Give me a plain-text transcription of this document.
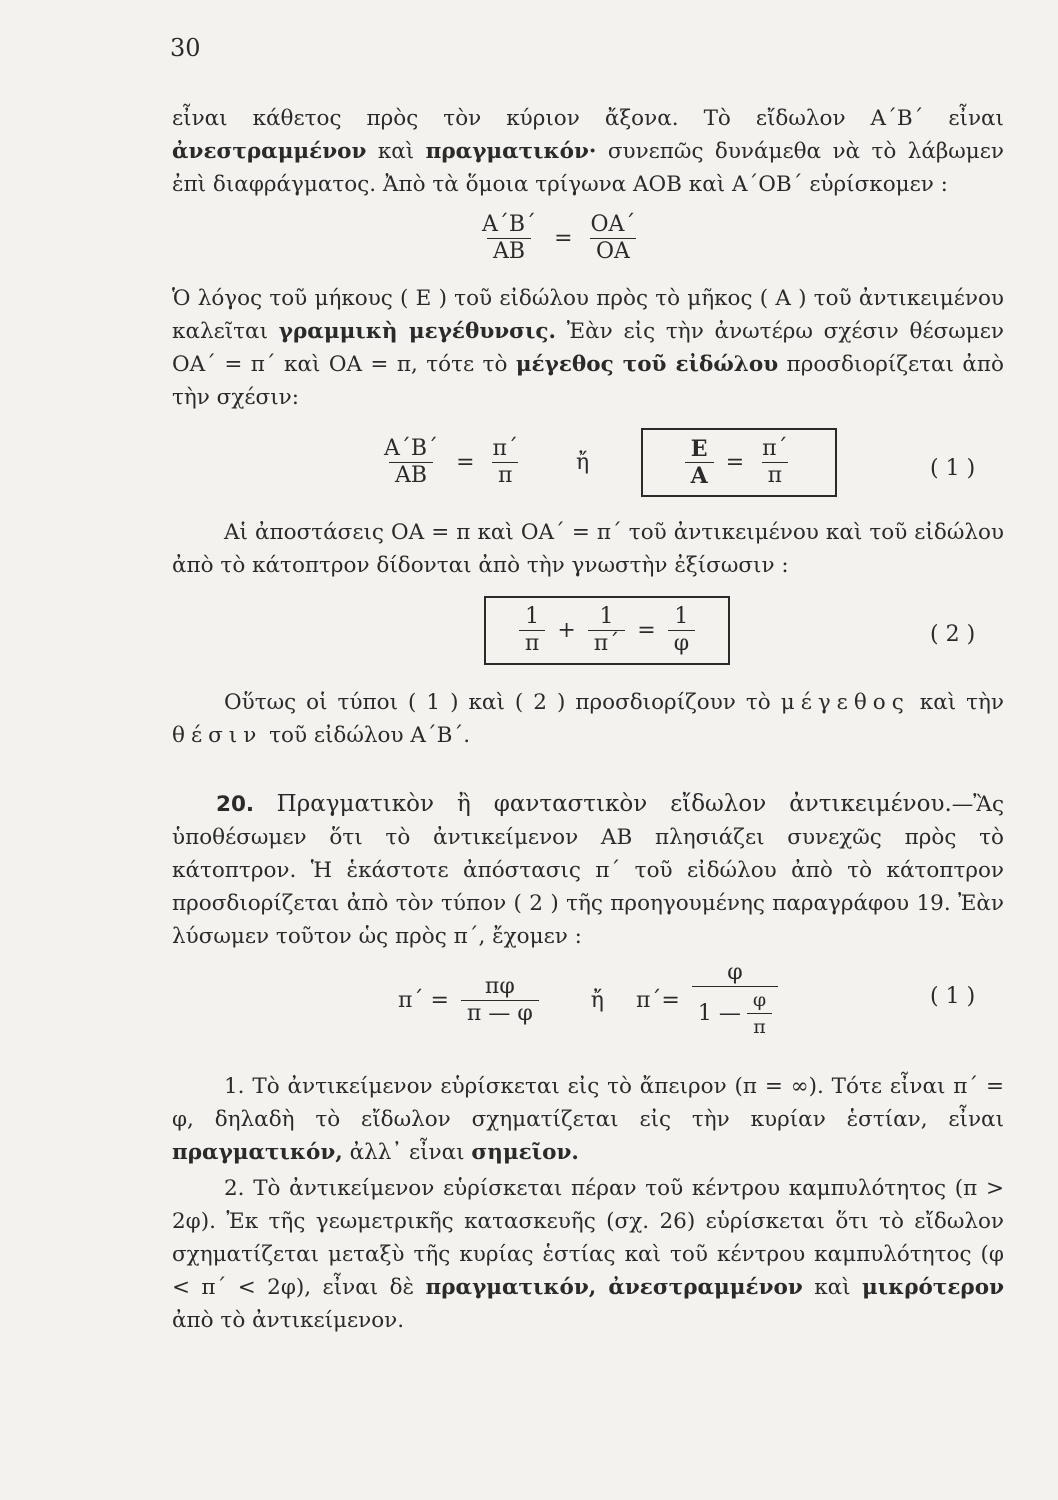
30

εἶναι κάθετος πρὸς τὸν κύριον ἄξονα. Τὸ εἴδωλον Α΄Β΄ εἶναι ἀνεστραμμένον καὶ πραγματικόν· συνεπῶς δυνάμεθα νὰ τὸ λάβωμεν ἐπὶ διαφράγματος. Ἀπὸ τὰ ὅμοια τρίγωνα ΑΟΒ καὶ Α΄ΟΒ΄ εὑρίσκομεν :

$\frac{A΄B΄}{AB} = \frac{OA΄}{OA}$

Ὁ λόγος τοῦ μήκους ( Ε ) τοῦ εἰδώλου πρὸς τὸ μῆκος ( Α ) τοῦ ἀντικειμένου καλεῖται γραμμικὴ μεγέθυνσις. Ἐὰν εἰς τὴν ἀνωτέρω σχέσιν θέσωμεν ΟΑ΄ = π΄ καὶ ΟΑ = π, τότε τὸ μέγεθος τοῦ εἰδώλου προσδιορίζεται ἀπὸ τὴν σχέσιν:

$\frac{A΄B΄}{AB} = \frac{\pi΄}{\pi}$ ἤ	$\frac{E}{A} = \frac{\pi΄}{\pi}$	( 1 )

Αἱ ἀποστάσεις ΟΑ = π καὶ ΟΑ΄ = π΄ τοῦ ἀντικειμένου καὶ τοῦ εἰδώλου ἀπὸ τὸ κάτοπτρον δίδονται ἀπὸ τὴν γνωστὴν ἐξίσωσιν :

$\frac{1}{\pi} + \frac{1}{\pi΄} = \frac{1}{\varphi}$	( 2 )

Οὕτως οἱ τύποι ( 1 ) καὶ ( 2 ) προσδιορίζουν τὸ μέγεθος καὶ τὴν θέσιν τοῦ εἰδώλου Α΄Β΄.

20. Πραγματικὸν ἢ φανταστικὸν εἴδωλον ἀντικειμένου.—Ἂς ὑποθέσωμεν ὅτι τὸ ἀντικείμενον ΑΒ πλησιάζει συνεχῶς πρὸς τὸ κάτοπτρον. Ἡ ἑκάστοτε ἀπόστασις π΄ τοῦ εἰδώλου ἀπὸ τὸ κάτοπτρον προσδιορίζεται ἀπὸ τὸν τύπον ( 2 ) τῆς προηγουμένης παραγράφου 19. Ἐὰν λύσωμεν τοῦτον ὡς πρὸς π΄, ἔχομεν :

$\pi΄ = \frac{\pi\varphi}{\pi — \varphi}$ ἤ $\pi΄= \frac{\varphi}{1 — \frac{\varphi}{\pi}}$	( 1 )

1. Τὸ ἀντικείμενον εὑρίσκεται εἰς τὸ ἄπειρον (π = ∞). Τότε εἶναι π΄ = φ, δηλαδὴ τὸ εἴδωλον σχηματίζεται εἰς τὴν κυρίαν ἑστίαν, εἶναι πραγματικόν, ἀλλ᾽ εἶναι σημεῖον.

2. Τὸ ἀντικείμενον εὑρίσκεται πέραν τοῦ κέντρου καμπυλότητος (π > 2φ). Ἐκ τῆς γεωμετρικῆς κατασκευῆς (σχ. 26) εὑρίσκεται ὅτι τὸ εἴδωλον σχηματίζεται μεταξὺ τῆς κυρίας ἑστίας καὶ τοῦ κέντρου καμπυλότητος (φ < π΄ < 2φ), εἶναι δὲ πραγματικόν, ἀνεστραμμένον καὶ μικρότερον ἀπὸ τὸ ἀντικείμενον.
